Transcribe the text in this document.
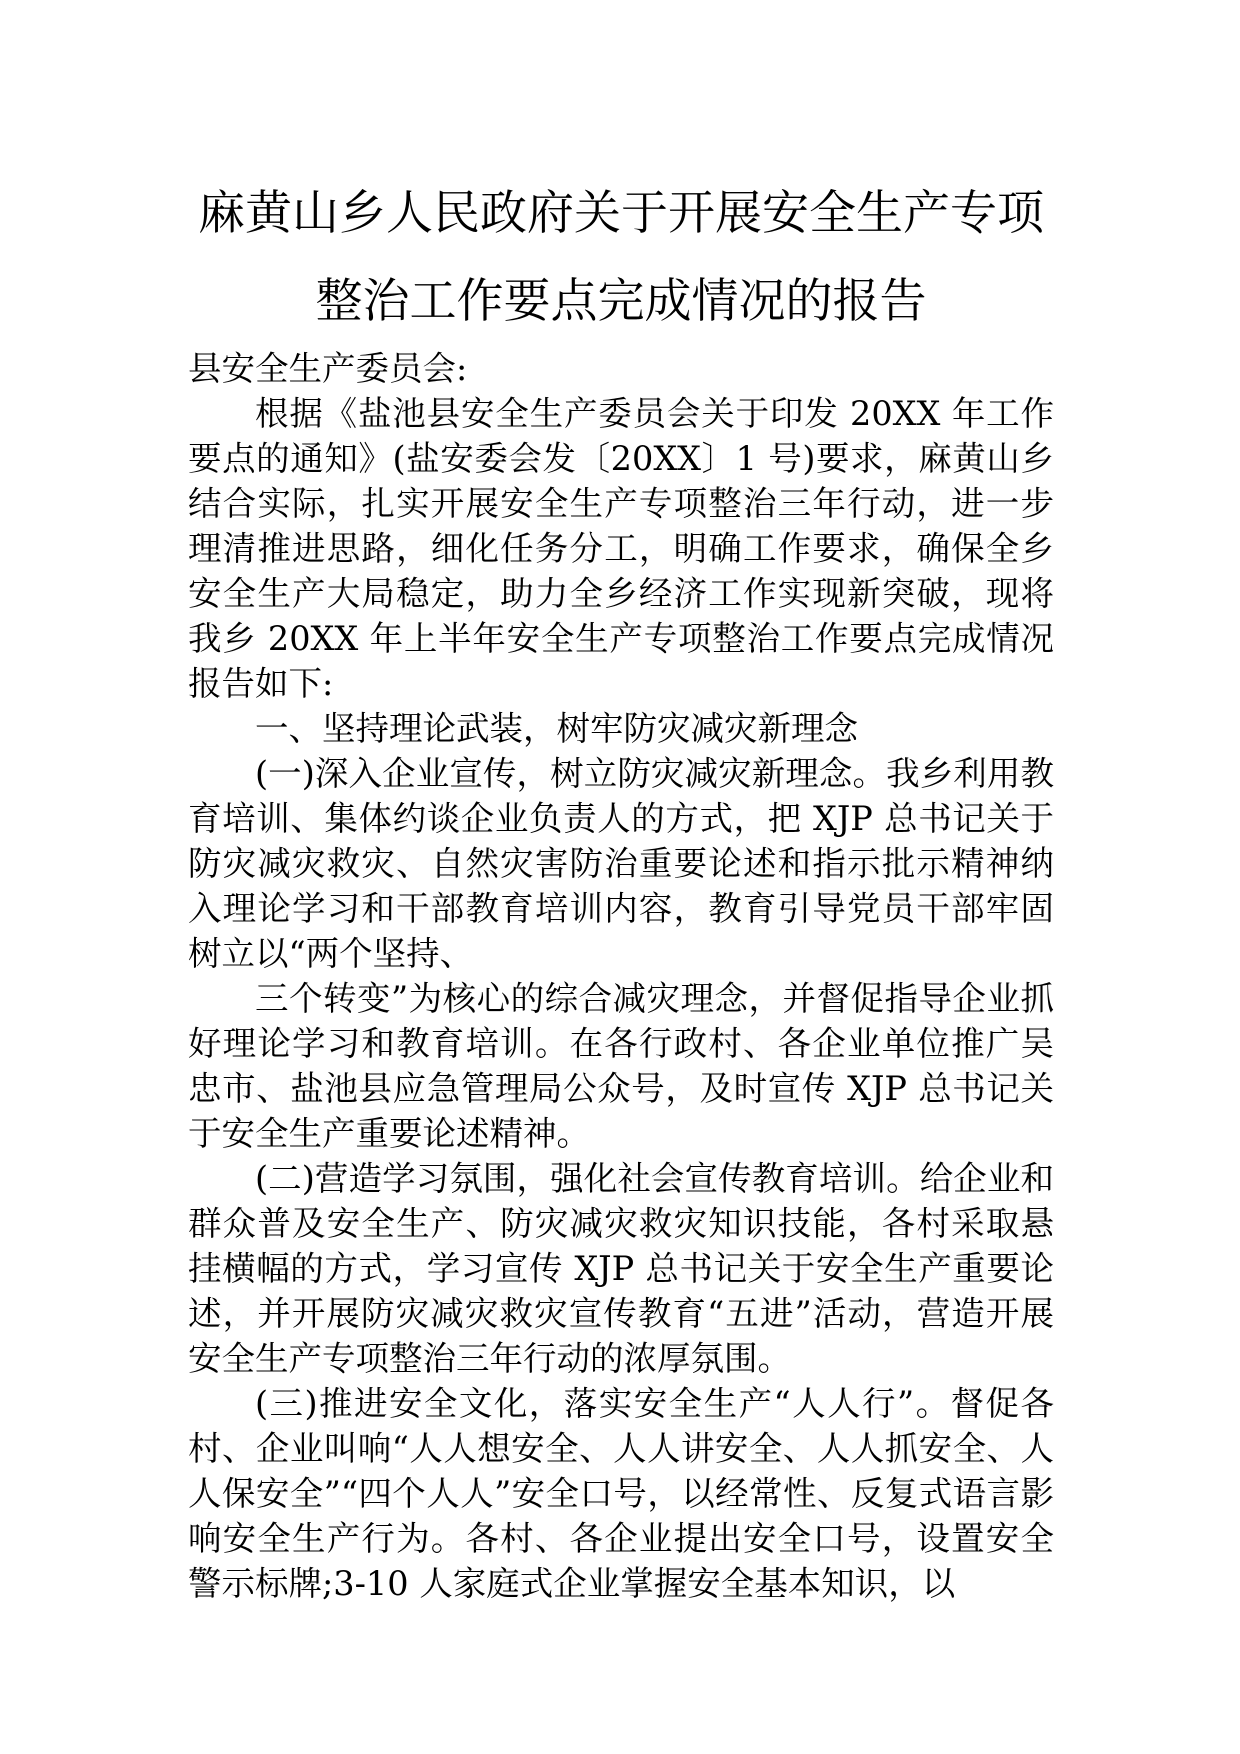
麻黄山乡人民政府关于开展安全生产专项
整治工作要点完成情况的报告

县安全生产委员会:

根据《盐池县安全生产委员会关于印发 20XX 年工作要点的通知》(盐安委会发〔20XX〕1 号)要求，麻黄山乡结合实际，扎实开展安全生产专项整治三年行动，进一步理清推进思路，细化任务分工，明确工作要求，确保全乡安全生产大局稳定，助力全乡经济工作实现新突破，现将我乡 20XX 年上半年安全生产专项整治工作要点完成情况报告如下:

一、坚持理论武装，树牢防灾减灾新理念

(一)深入企业宣传，树立防灾减灾新理念。我乡利用教育培训、集体约谈企业负责人的方式，把 XJP 总书记关于防灾减灾救灾、自然灾害防治重要论述和指示批示精神纳入理论学习和干部教育培训内容，教育引导党员干部牢固树立以“两个坚持、

三个转变”为核心的综合减灾理念，并督促指导企业抓好理论学习和教育培训。在各行政村、各企业单位推广吴忠市、盐池县应急管理局公众号，及时宣传 XJP 总书记关于安全生产重要论述精神。

(二)营造学习氛围，强化社会宣传教育培训。给企业和群众普及安全生产、防灾减灾救灾知识技能，各村采取悬挂横幅的方式，学习宣传 XJP 总书记关于安全生产重要论述，并开展防灾减灾救灾宣传教育“五进”活动，营造开展安全生产专项整治三年行动的浓厚氛围。

(三)推进安全文化，落实安全生产“人人行”。督促各村、企业叫响“人人想安全、人人讲安全、人人抓安全、人人保安全”“四个人人”安全口号，以经常性、反复式语言影响安全生产行为。各村、各企业提出安全口号，设置安全警示标牌;3-10 人家庭式企业掌握安全基本知识，以
